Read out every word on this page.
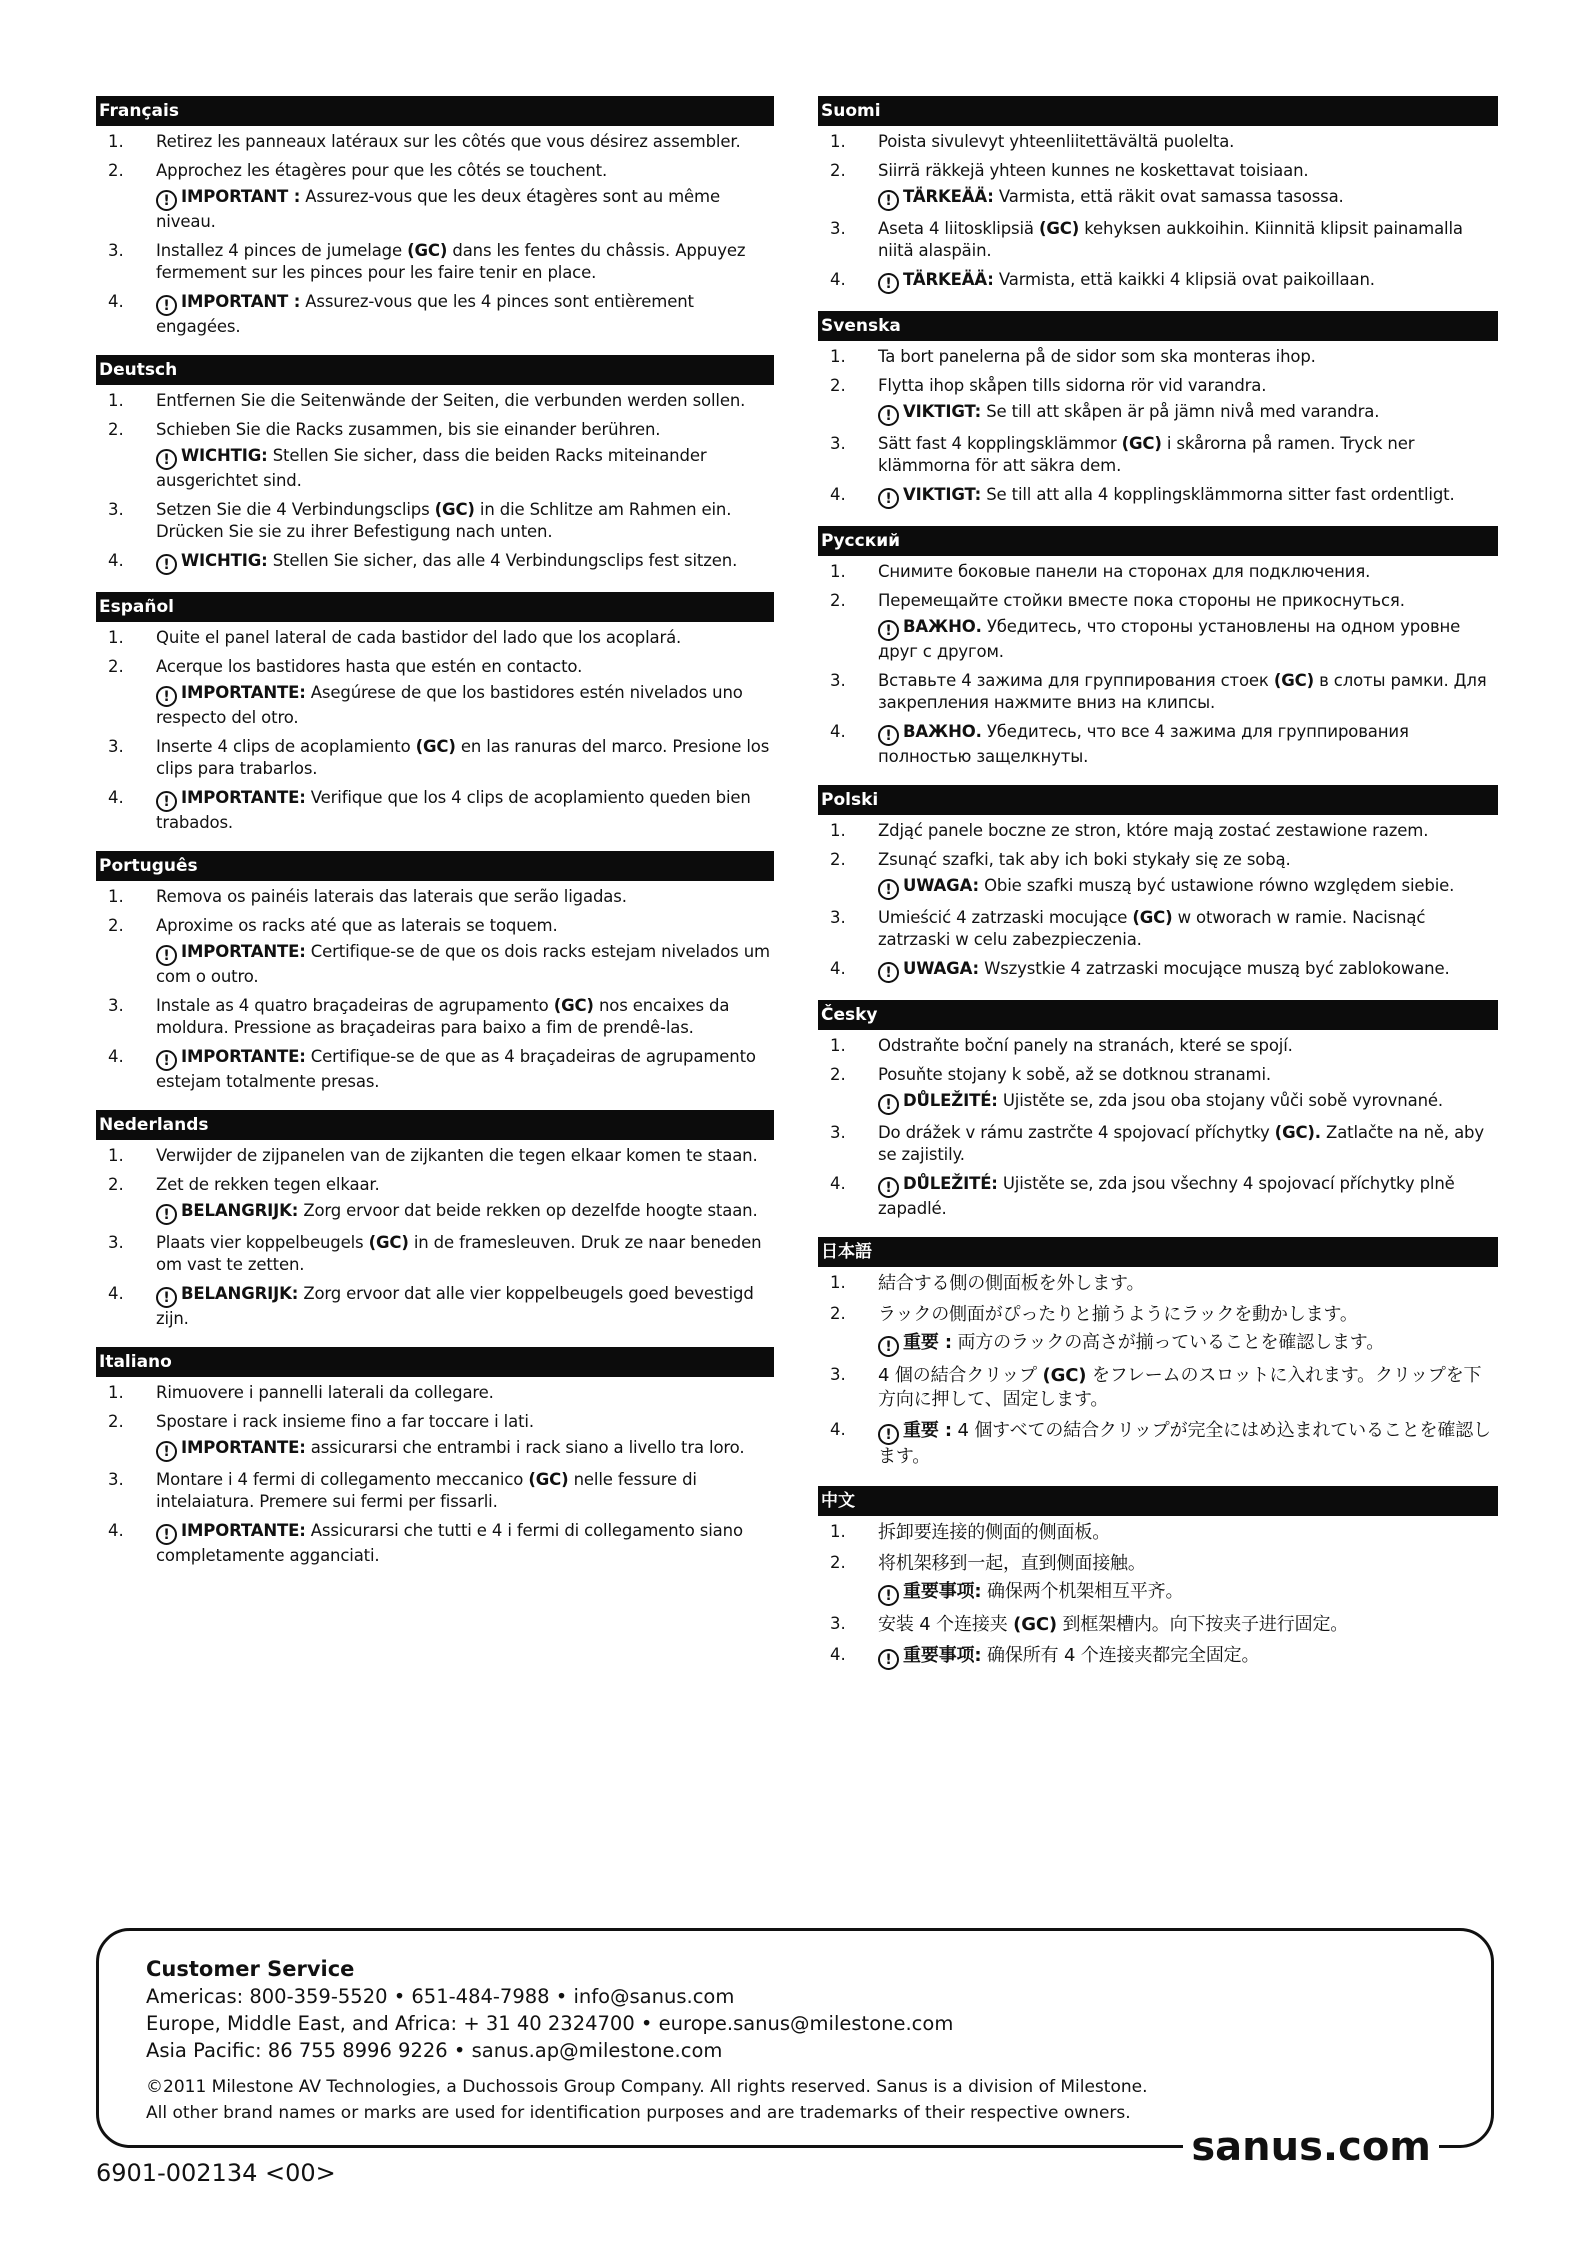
Français
1.	Retirez les panneaux latéraux sur les côtés que vous désirez assembler.
2.	Approchez les étagères pour que les côtés se touchent.
! IMPORTANT : Assurez-vous que les deux étagères sont au même niveau.
3.	Installez 4 pinces de jumelage (GC) dans les fentes du châssis. Appuyez fermement sur les pinces pour les faire tenir en place.
4.	! IMPORTANT : Assurez-vous que les 4 pinces sont entièrement engagées.
Deutsch
1.	Entfernen Sie die Seitenwände der Seiten, die verbunden werden sollen.
2.	Schieben Sie die Racks zusammen, bis sie einander berühren.
! WICHTIG: Stellen Sie sicher, dass die beiden Racks miteinander ausgerichtet sind.
3.	Setzen Sie die 4 Verbindungsclips (GC) in die Schlitze am Rahmen ein. Drücken Sie sie zu ihrer Befestigung nach unten.
4.	! WICHTIG: Stellen Sie sicher, das alle 4 Verbindungsclips fest sitzen.
Español
1.	Quite el panel lateral de cada bastidor del lado que los acoplará.
2.	Acerque los bastidores hasta que estén en contacto.
! IMPORTANTE: Asegúrese de que los bastidores estén nivelados uno respecto del otro.
3.	Inserte 4 clips de acoplamiento (GC) en las ranuras del marco. Presione los clips para trabarlos.
4.	! IMPORTANTE: Verifique que los 4 clips de acoplamiento queden bien trabados.
Português
1.	Remova os painéis laterais das laterais que serão ligadas.
2.	Aproxime os racks até que as laterais se toquem.
! IMPORTANTE: Certifique-se de que os dois racks estejam nivelados um com o outro.
3.	Instale as 4 quatro braçadeiras de agrupamento (GC) nos encaixes da moldura. Pressione as braçadeiras para baixo a fim de prendê-las.
4.	! IMPORTANTE: Certifique-se de que as 4 braçadeiras de agrupamento estejam totalmente presas.
Nederlands
1.	Verwijder de zijpanelen van de zijkanten die tegen elkaar komen te staan.
2.	Zet de rekken tegen elkaar.
! BELANGRIJK: Zorg ervoor dat beide rekken op dezelfde hoogte staan.
3.	Plaats vier koppelbeugels (GC) in de framesleuven. Druk ze naar beneden om vast te zetten.
4.	! BELANGRIJK: Zorg ervoor dat alle vier koppelbeugels goed bevestigd zijn.
Italiano
1.	Rimuovere i pannelli laterali da collegare.
2.	Spostare i rack insieme fino a far toccare i lati.
! IMPORTANTE: assicurarsi che entrambi i rack siano a livello tra loro.
3.	Montare i 4 fermi di collegamento meccanico (GC) nelle fessure di intelaiatura. Premere sui fermi per fissarli.
4.	! IMPORTANTE: Assicurarsi che tutti e 4 i fermi di collegamento siano completamente agganciati.
Suomi
1.	Poista sivulevyt yhteenliitettävältä puolelta.
2.	Siirrä räkkejä yhteen kunnes ne koskettavat toisiaan.
! TÄRKEÄÄ: Varmista, että räkit ovat samassa tasossa.
3.	Aseta 4 liitosklipsiä (GC) kehyksen aukkoihin. Kiinnitä klipsit painamalla niitä alaspäin.
4.	! TÄRKEÄÄ: Varmista, että kaikki 4 klipsiä ovat paikoillaan.
Svenska
1.	Ta bort panelerna på de sidor som ska monteras ihop.
2.	Flytta ihop skåpen tills sidorna rör vid varandra.
! VIKTIGT: Se till att skåpen är på jämn nivå med varandra.
3.	Sätt fast 4 kopplingsklämmor (GC) i skårorna på ramen. Tryck ner klämmorna för att säkra dem.
4.	! VIKTIGT: Se till att alla 4 kopplingsklämmorna sitter fast ordentligt.
Русский
1.	Снимите боковые панели на сторонах для подключения.
2.	Перемещайте стойки вместе пока стороны не прикоснуться.
! ВАЖНО. Убедитесь, что стороны установлены на одном уровне друг с другом.
3.	Вставьте 4 зажима для группирования стоек (GC) в слоты рамки. Для закрепления нажмите вниз на клипсы.
4.	! ВАЖНО. Убедитесь, что все 4 зажима для группирования полностью защелкнуты.
Polski
1.	Zdjąć panele boczne ze stron, które mają zostać zestawione razem.
2.	Zsunąć szafki, tak aby ich boki stykały się ze sobą.
! UWAGA: Obie szafki muszą być ustawione równo względem siebie.
3.	Umieścić 4 zatrzaski mocujące (GC) w otworach w ramie. Nacisnąć zatrzaski w celu zabezpieczenia.
4.	! UWAGA: Wszystkie 4 zatrzaski mocujące muszą być zablokowane.
Česky
1.	Odstraňte boční panely na stranách, které se spojí.
2.	Posuňte stojany k sobě, až se dotknou stranami.
! DŮLEŽITÉ: Ujistěte se, zda jsou oba stojany vůči sobě vyrovnané.
3.	Do drážek v rámu zastrčte 4 spojovací příchytky (GC). Zatlačte na ně, aby se zajistily.
4.	! DŮLEŽITÉ: Ujistěte se, zda jsou všechny 4 spojovací příchytky plně zapadlé.
日本語
1.	結合する側の側面板を外します。
2.	ラックの側面がぴったりと揃うようにラックを動かします。
! 重要 : 両方のラックの高さが揃っていることを確認します。
3.	4 個の結合クリップ (GC) をフレームのスロットに入れます。クリップを下方向に押して、固定します。
4.	! 重要 : 4 個すべての結合クリップが完全にはめ込まれていることを確認します。
中文
1.	拆卸要连接的侧面的侧面板。
2.	将机架移到一起，直到侧面接触。
! 重要事项: 确保两个机架相互平齐。
3.	安装 4 个连接夹 (GC) 到框架槽内。向下按夹子进行固定。
4.	! 重要事项: 确保所有 4 个连接夹都完全固定。
Customer Service
Americas: 800-359-5520 • 651-484-7988 • info@sanus.com
Europe, Middle East, and Africa: + 31 40 2324700 • europe.sanus@milestone.com
Asia Pacific: 86 755 8996 9226 • sanus.ap@milestone.com
©2011 Milestone AV Technologies, a Duchossois Group Company. All rights reserved. Sanus is a division of Milestone.
All other brand names or marks are used for identification purposes and are trademarks of their respective owners.
sanus.com
6901-002134 <00>
